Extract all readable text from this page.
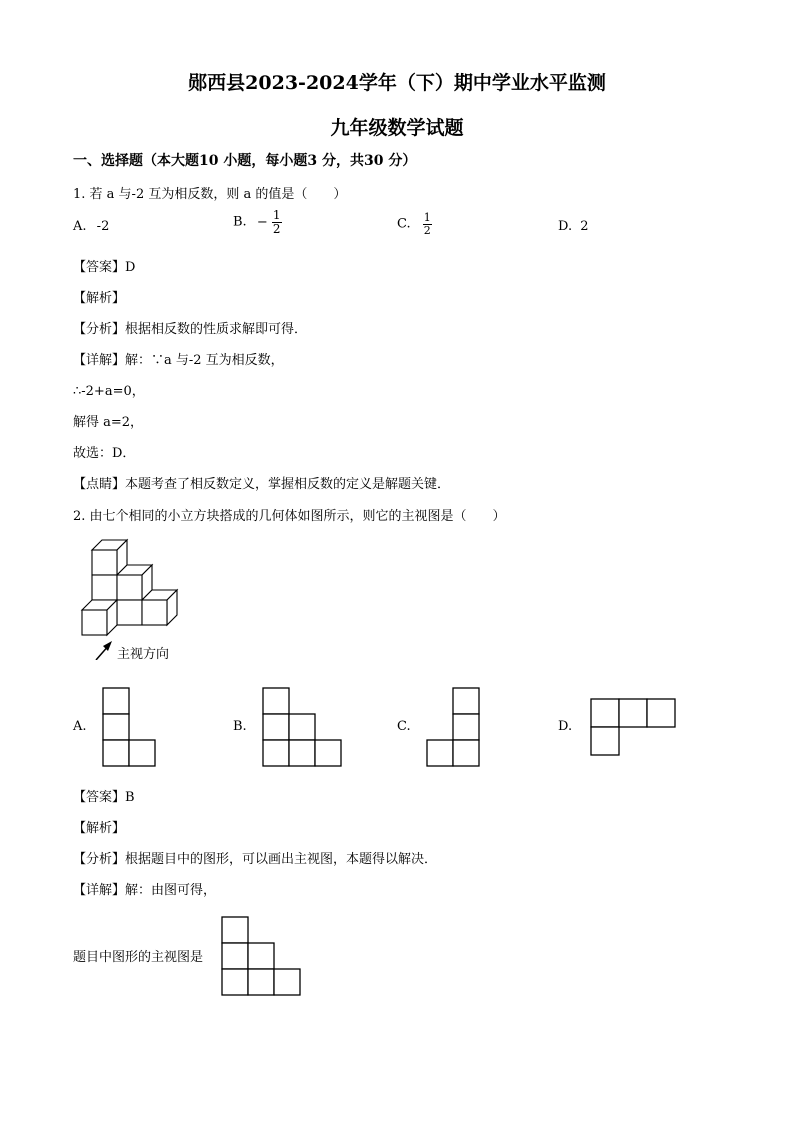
郧西县2023-2024学年（下）期中学业水平监测
九年级数学试题
一、选择题（本大题10 小题，每小题3 分，共30 分）
1. 若 a 与-2 互为相反数，则 a 的值是（　　）
A. -2	B. − $\frac{1}{2}$	C. $\frac{1}{2}$	D. 2
【答案】D
【解析】
【分析】根据相反数的性质求解即可得．
【详解】解：∵a 与-2 互为相反数，
∴-2+a=0，
解得 a=2，
故选：D．
【点睛】本题考查了相反数定义，掌握相反数的定义是解题关键．
2. 由七个相同的小立方块搭成的几何体如图所示，则它的主视图是（　　）
主视方向
A.	B.	C.	D.
【答案】B
【解析】
【分析】根据题目中的图形，可以画出主视图，本题得以解决．
【详解】解：由图可得，
题目中图形的主视图是
